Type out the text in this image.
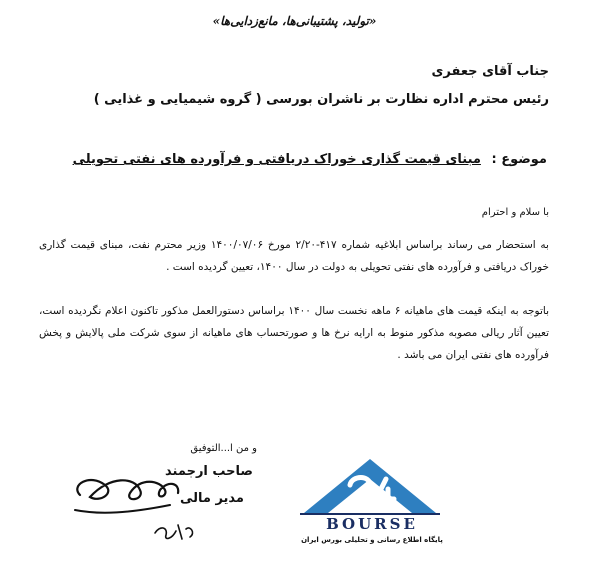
«تولید، پشتیبانی‌ها، مانع‌زدایی‌ها»
جناب آقای جعفری
رئیس محترم اداره نظارت بر ناشران بورسی ( گروه شیمیایی و غذایی )
موضوع : مبنای قیمت گذاری خوراک دریافتی و فرآورده های نفتی تحویلی
با سلام و احترام
به استحضار می رساند براساس ابلاغیه شماره ۴۱۷-۲/۲۰ مورخ ۱۴۰۰/۰۷/۰۶ وزیر محترم نفت، مبنای قیمت گذاری خوراک دریافتی و فرآورده های نفتی تحویلی به دولت در سال ۱۴۰۰، تعیین گردیده است .
باتوجه به اینکه قیمت های ماهیانه ۶ ماهه نخست سال ۱۴۰۰ براساس دستورالعمل مذکور تاکنون اعلام نگردیده است، تعیین آثار ریالی مصوبه مذکور منوط به ارایه نرخ ها و صورتحساب های ماهیانه از سوی شرکت ملی پالایش و پخش فرآورده های نفتی ایران می باشد .
و من ا...التوفیق
صاحب ارجمند
مدیر مالی
BOURSE
پایگاه اطلاع رسانی و تحلیلی بورس ایران
